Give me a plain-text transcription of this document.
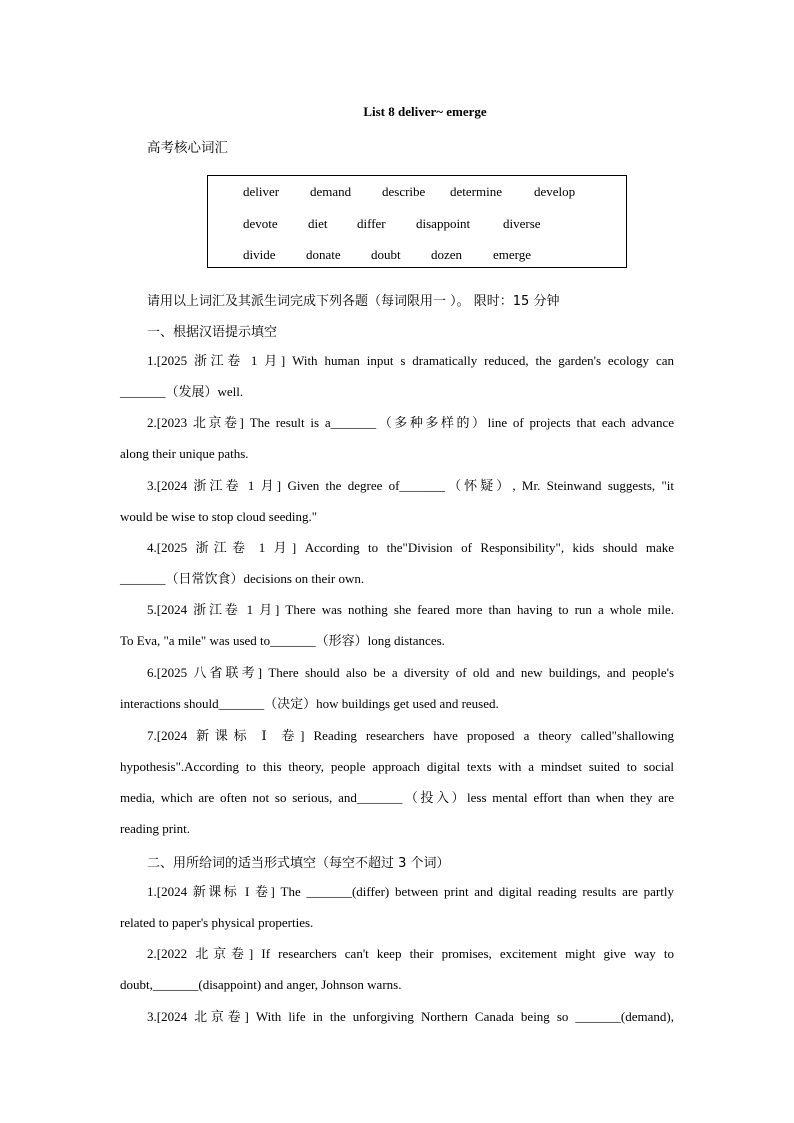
List 8 deliver~ emerge
高考核心词汇
deliver demand describe determine develop
devote diet differ disappoint	diverse
divide donate doubt dozen emerge
请用以上词汇及其派生词完成下列各题（每词限用一 ）。 限时：15 分钟
一、根据汉语提示填空
1.[2025 浙江卷 1 月] With human input s dramatically reduced, the garden's ecology can
_______（发展）well.
2.[2023 北京卷] The result is a_______（多种多样的）line of projects that each advance
along their unique paths.
3.[2024 浙江卷 1 月] Given the degree of_______（怀疑）, Mr. Steinwand suggests, "it
would be wise to stop cloud seeding."
4.[2025 浙江卷 1 月] According to the"Division of Responsibility", kids should make
_______（日常饮食）decisions on their own.
5.[2024 浙江卷 1 月] There was nothing she feared more than having to run a whole mile.
To Eva, "a mile" was used to_______（形容）long distances.
6.[2025 八省联考] There should also be a diversity of old and new buildings, and people's
interactions should_______（决定）how buildings get used and reused.
7.[2024 新课标 Ⅰ 卷] Reading researchers have proposed a theory called"shallowing
hypothesis".According to this theory, people approach digital texts with a mindset suited to social
media, which are often not so serious, and_______（投入）less mental effort than when they are
reading print.
二、用所给词的适当形式填空（每空不超过 3 个词）
1.[2024 新课标 I 卷] The _______(differ) between print and digital reading results are partly
related to paper's physical properties.
2.[2022 北京卷] If researchers can't keep their promises, excitement might give way to
doubt,_______(disappoint) and anger, Johnson warns.
3.[2024 北京卷] With life in the unforgiving Northern Canada being so _______(demand),
